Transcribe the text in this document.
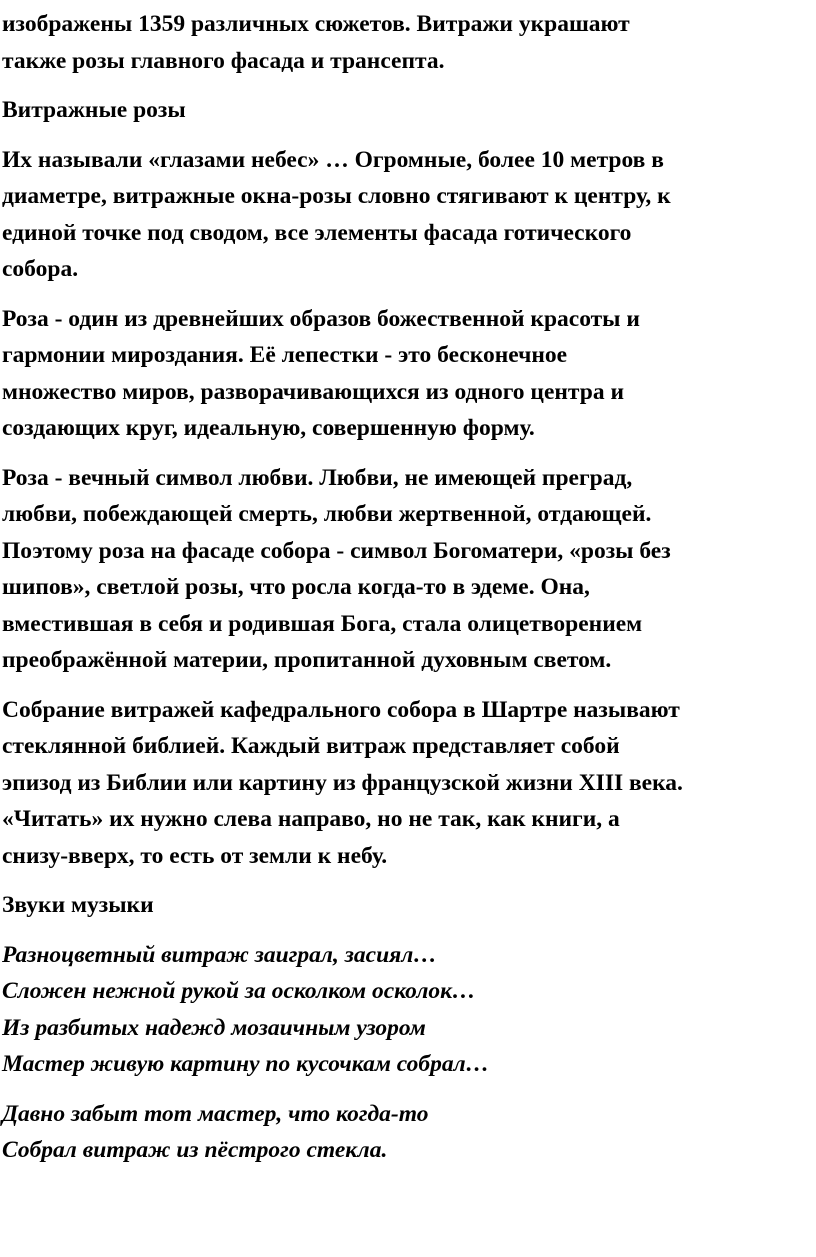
изображены 1359 различных сюжетов. Витражи украшают
также розы главного фасада и трансепта.
Витражные розы
Их называли «глазами небес» … Огромные, более 10 метров в
диаметре, витражные окна-розы словно стягивают к центру, к
единой точке под сводом, все элементы фасада готического
собора.
Роза - один из древнейших образов божественной красоты и
гармонии мироздания. Её лепестки - это бесконечное
множество миров, разворачивающихся из одного центра и
создающих круг, идеальную, совершенную форму.
Роза - вечный символ любви. Любви, не имеющей преград,
любви, побеждающей смерть, любви жертвенной, отдающей.
Поэтому роза на фасаде собора - символ Богоматери, «розы без
шипов», светлой розы, что росла когда-то в эдеме. Она,
вместившая в себя и родившая Бога, стала олицетворением
преображённой материи, пропитанной духовным светом.
Собрание витражей кафедрального собора в Шартре называют
стеклянной библией. Каждый витраж представляет собой
эпизод из Библии или картину из французской жизни XIII века.
«Читать» их нужно слева направо, но не так, как книги, а
снизу-вверх, то есть от земли к небу.
Звуки музыки
Разноцветный витраж заиграл, засиял…
Сложен нежной рукой за осколком осколок…
Из разбитых надежд мозаичным узором
Мастер живую картину по кусочкам собрал…
Давно забыт тот мастер, что когда-то
Собрал витраж из пёстрого стекла.
